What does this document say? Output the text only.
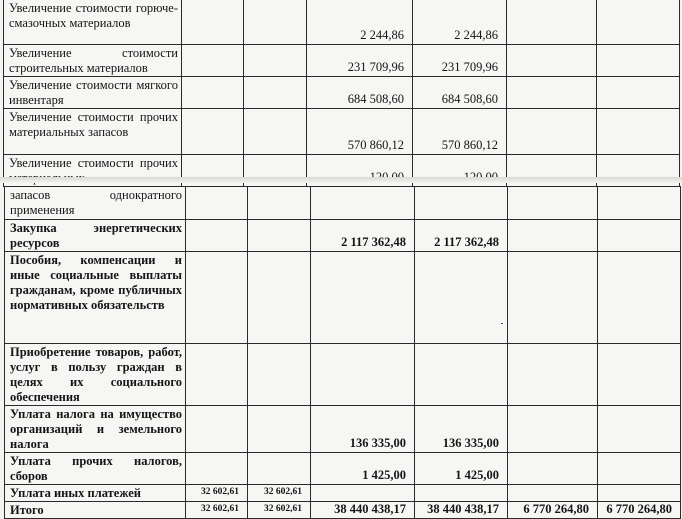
Увеличение стоимости горюче-смазочных материалов			2 244,86	2 244,86		
Увеличение стоимости строительных материалов			231 709,96	231 709,96		
Увеличение стоимости мягкого инвентаря			684 508,60	684 508,60		
Увеличение стоимости прочих материальных запасов			570 860,12	570 860,12		
Увеличение стоимости прочих						
запасов однократного применения						
Закупка энергетических ресурсов			2 117 362,48	2 117 362,48		
Пособия, компенсации и иные социальные выплаты гражданам, кроме публичных нормативных обязательств						
Приобретение товаров, работ, услуг в пользу граждан в целях их социального обеспечения						
Уплата налога на имущество организаций и земельного налога			136 335,00	136 335,00		
Уплата прочих налогов, сборов			1 425,00	1 425,00		
Уплата иных платежей	32 602,61	32 602,61				
Итого	32 602,61	32 602,61	38 440 438,17	38 440 438,17	6 770 264,80	6 770 264,80
